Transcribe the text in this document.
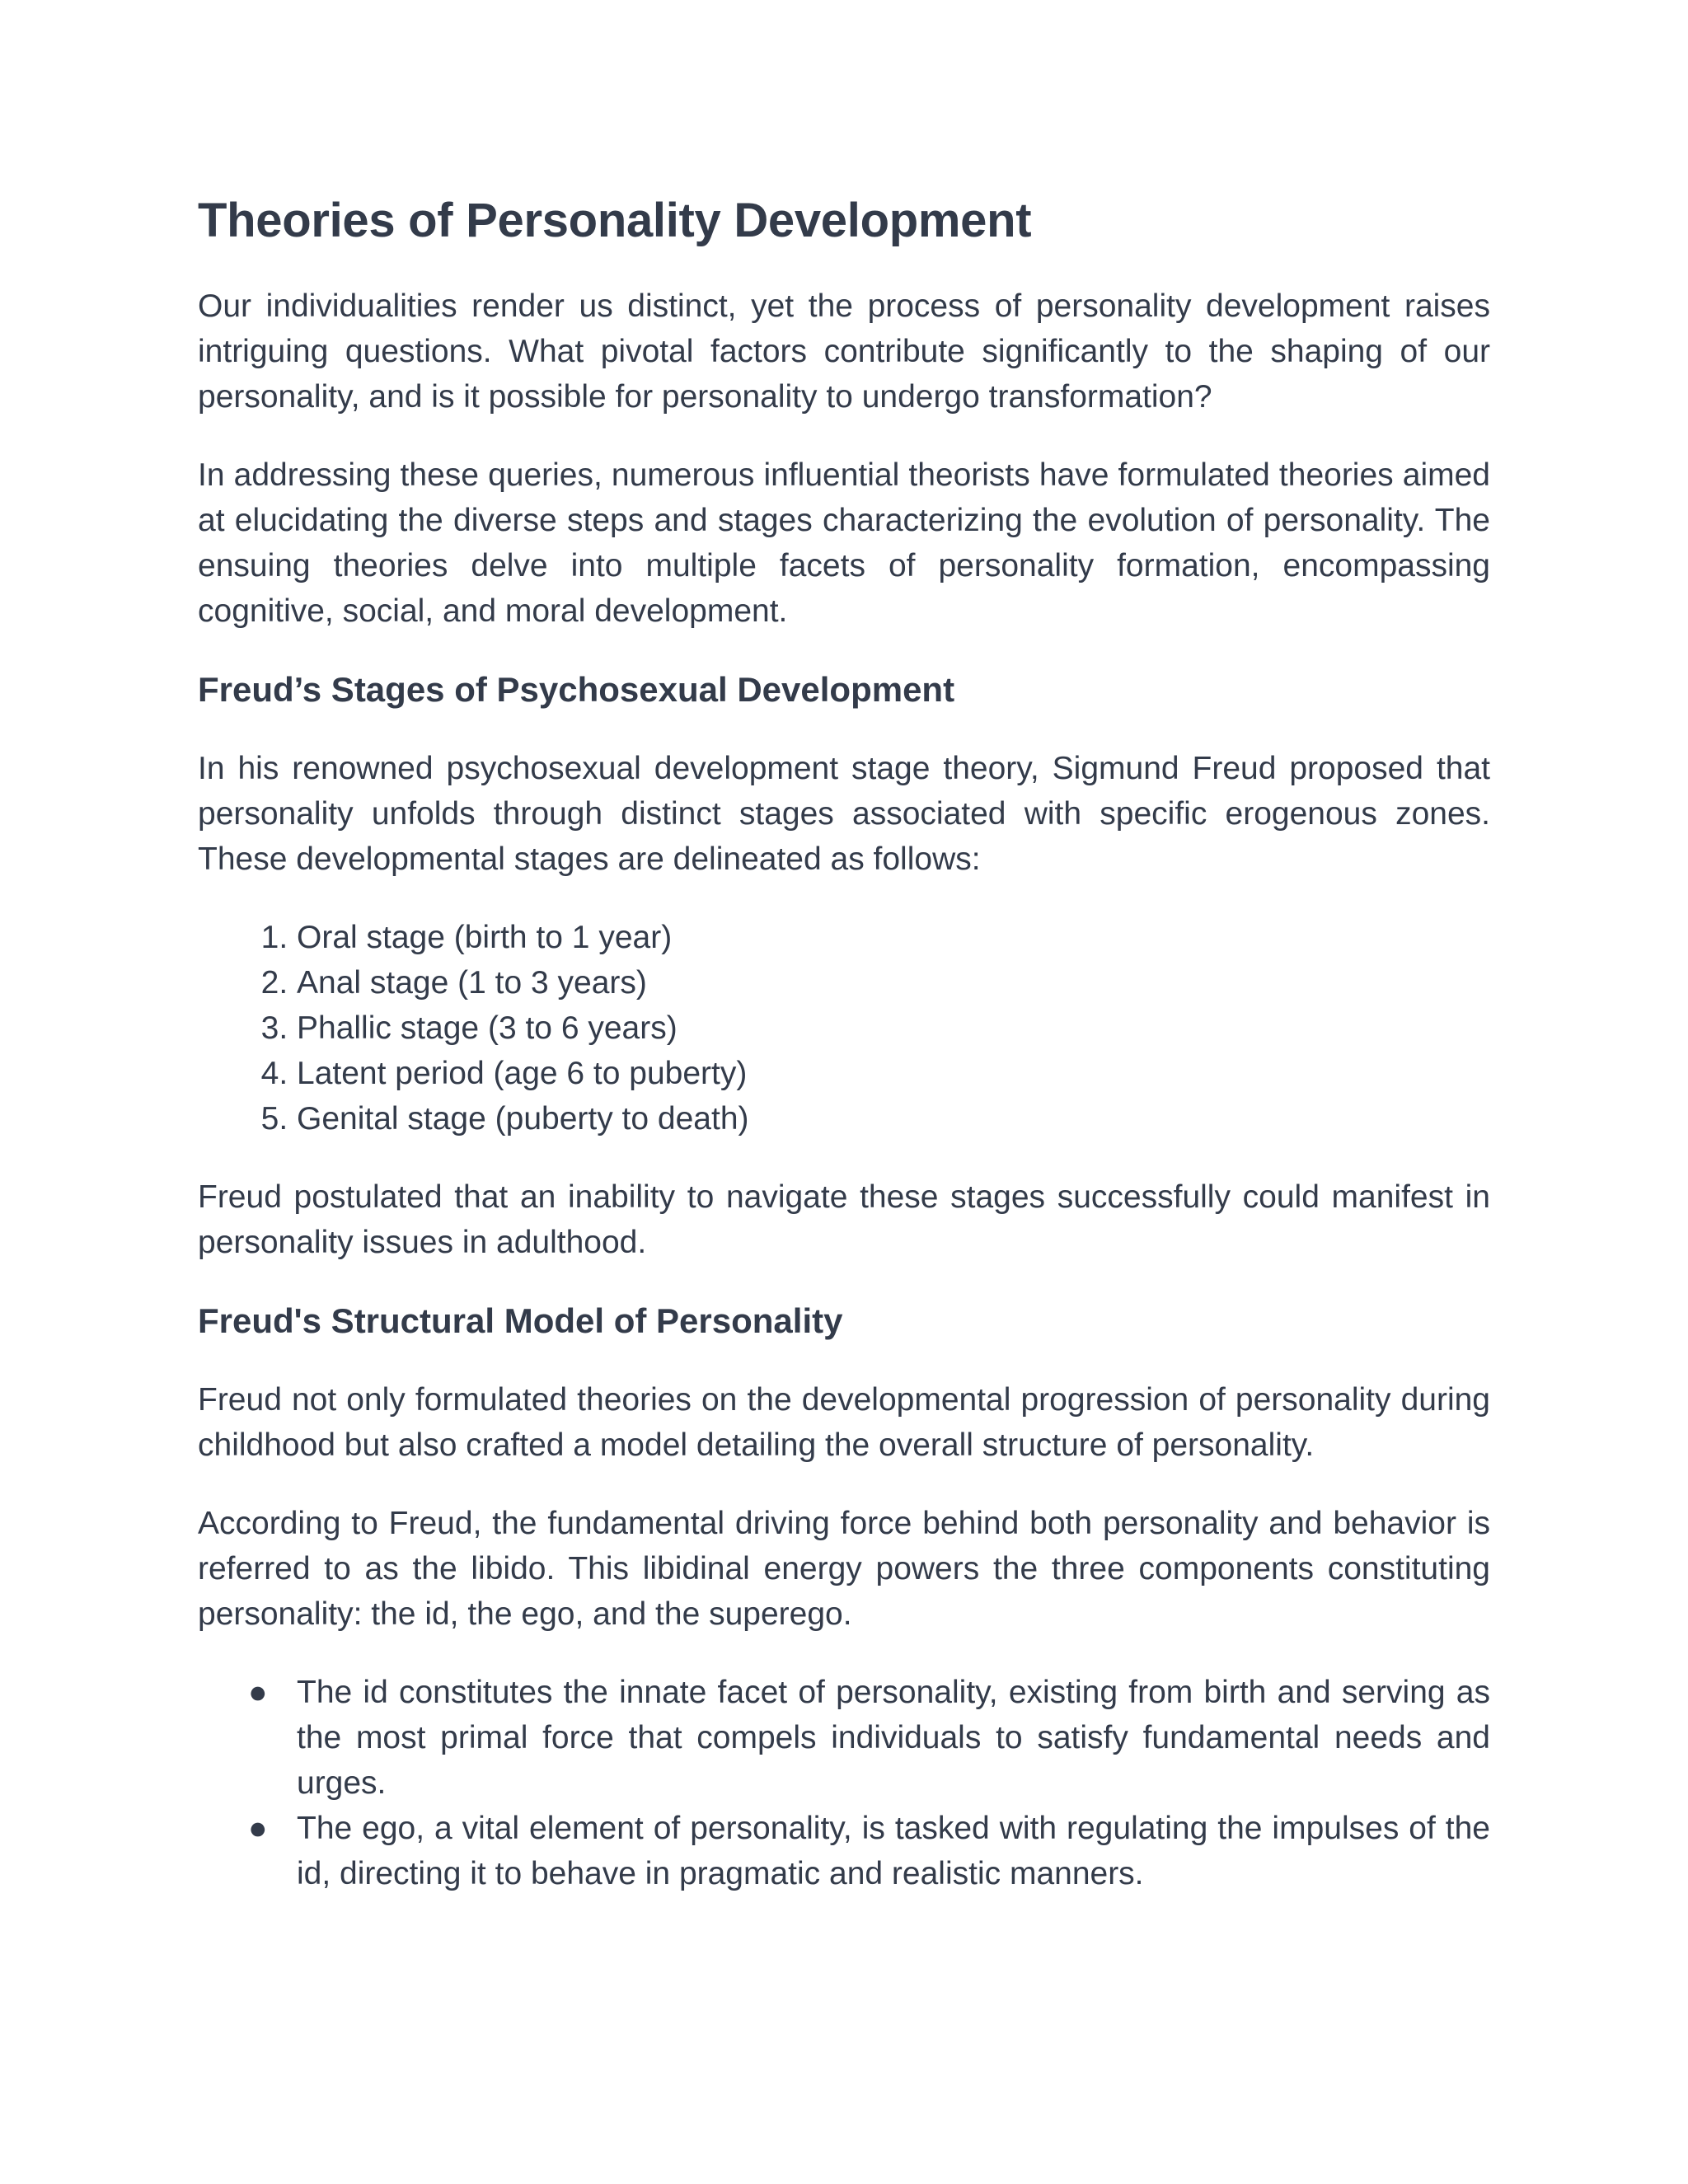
Theories of Personality Development

Our individualities render us distinct, yet the process of personality development raises intriguing questions. What pivotal factors contribute significantly to the shaping of our personality, and is it possible for personality to undergo transformation?

In addressing these queries, numerous influential theorists have formulated theories aimed at elucidating the diverse steps and stages characterizing the evolution of personality. The ensuing theories delve into multiple facets of personality formation, encompassing cognitive, social, and moral development.

Freud’s Stages of Psychosexual Development

In his renowned psychosexual development stage theory, Sigmund Freud proposed that personality unfolds through distinct stages associated with specific erogenous zones. These developmental stages are delineated as follows:

1. Oral stage (birth to 1 year)
2. Anal stage (1 to 3 years)
3. Phallic stage (3 to 6 years)
4. Latent period (age 6 to puberty)
5. Genital stage (puberty to death)

Freud postulated that an inability to navigate these stages successfully could manifest in personality issues in adulthood.

Freud's Structural Model of Personality

Freud not only formulated theories on the developmental progression of personality during childhood but also crafted a model detailing the overall structure of personality.

According to Freud, the fundamental driving force behind both personality and behavior is referred to as the libido. This libidinal energy powers the three components constituting personality: the id, the ego, and the superego.

● The id constitutes the innate facet of personality, existing from birth and serving as the most primal force that compels individuals to satisfy fundamental needs and urges.
● The ego, a vital element of personality, is tasked with regulating the impulses of the id, directing it to behave in pragmatic and realistic manners.
